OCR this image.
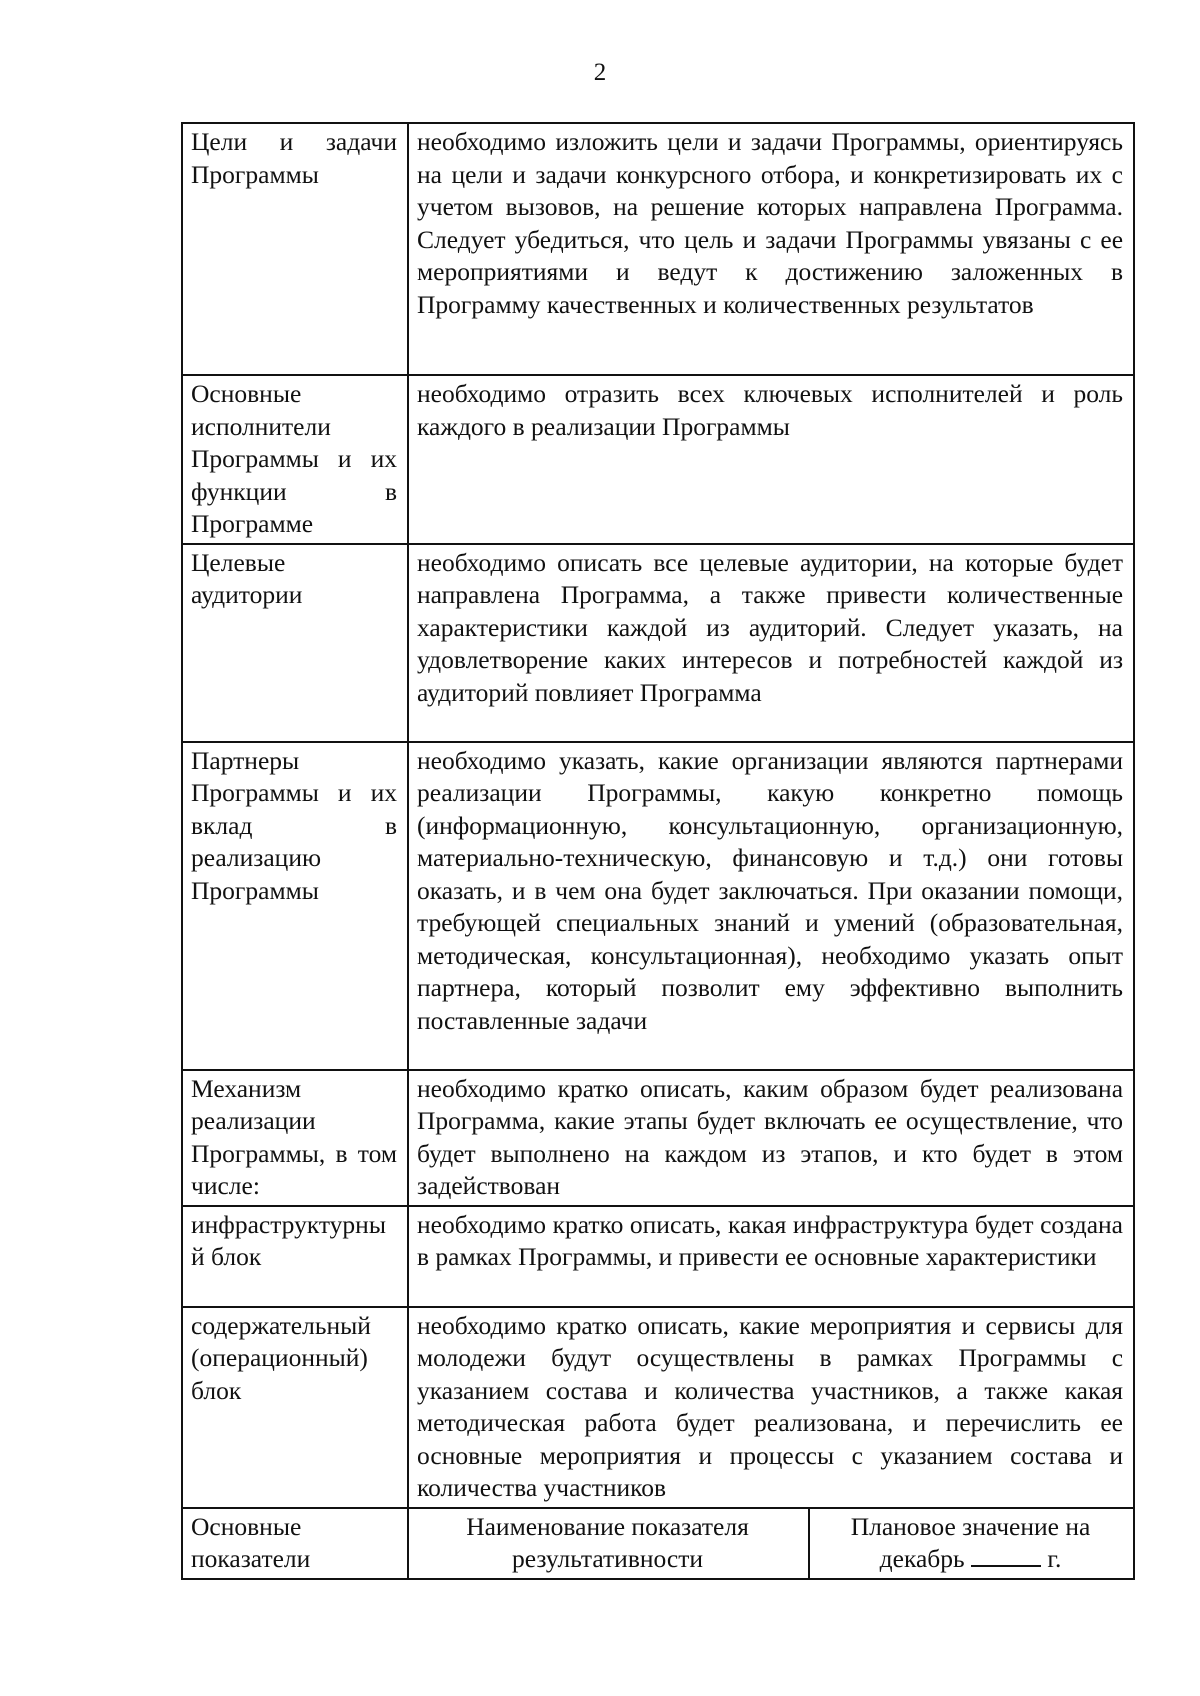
2
Цели и задачи Программы	необходимо изложить цели и задачи Программы, ориентируясь на цели и задачи конкурсного отбора, и конкретизировать их с учетом вызовов, на решение которых направлена Программа. Следует убедиться, что цель и задачи Программы увязаны с ее мероприятиями и ведут к достижению заложенных в Программу качественных и количественных результатов	
Основные исполнители Программы и их функции в Программе	необходимо отразить всех ключевых исполнителей и роль каждого в реализации Программы	
Целевые аудитории	необходимо описать все целевые аудитории, на которые будет направлена Программа, а также привести количественные характеристики каждой из аудиторий. Следует указать, на удовлетворение каких интересов и потребностей каждой из аудиторий повлияет Программа	
Партнеры Программы и их вклад в реализацию Программы	необходимо указать, какие организации являются партнерами реализации Программы, какую конкретно помощь (информационную, консультационную, организационную, материально-техническую, финансовую и т.д.) они готовы оказать, и в чем она будет заключаться. При оказании помощи, требующей специальных знаний и умений (образовательная, методическая, консультационная), необходимо указать опыт партнера, который позволит ему эффективно выполнить поставленные задачи	
Механизм реализации Программы, в том числе:	необходимо кратко описать, каким образом будет реализована Программа, какие этапы будет включать ее осуществление, что будет выполнено на каждом из этапов, и кто будет в этом задействован	
инфраструктурный блок	необходимо кратко описать, какая инфраструктура будет создана в рамках Программы, и привести ее основные характеристики	
содержательный (операционный) блок	необходимо кратко описать, какие мероприятия и сервисы для молодежи будут осуществлены в рамках Программы с указанием состава и количества участников, а также какая методическая работа будет реализована, и перечислить ее основные мероприятия и процессы с указанием состава и количества участников	
Основные показатели	Наименование показателя результативности	Плановое значение на декабрь г.
